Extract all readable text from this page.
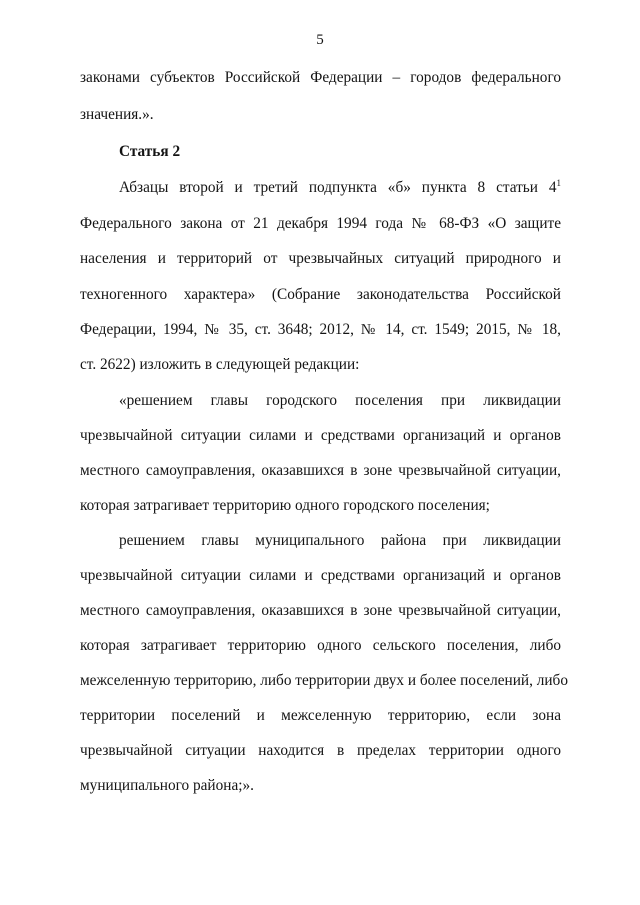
5
законами субъектов Российской Федерации – городов федерального
значения.».
Статья 2
Абзацы второй и третий подпункта «б» пункта 8 статьи $4^1$
Федерального закона от 21 декабря 1994 года № 68-ФЗ «О защите
населения и территорий от чрезвычайных ситуаций природного и
техногенного характера» (Собрание законодательства Российской
Федерации, 1994, № 35, ст. 3648; 2012, № 14, ст. 1549; 2015, № 18,
ст. 2622) изложить в следующей редакции:
«решением главы городского поселения при ликвидации
чрезвычайной ситуации силами и средствами организаций и органов
местного самоуправления, оказавшихся в зоне чрезвычайной ситуации,
которая затрагивает территорию одного городского поселения;
решением главы муниципального района при ликвидации
чрезвычайной ситуации силами и средствами организаций и органов
местного самоуправления, оказавшихся в зоне чрезвычайной ситуации,
которая затрагивает территорию одного сельского поселения, либо
межселенную территорию, либо территории двух и более поселений, либо
территории поселений и межселенную территорию, если зона
чрезвычайной ситуации находится в пределах территории одного
муниципального района;».
